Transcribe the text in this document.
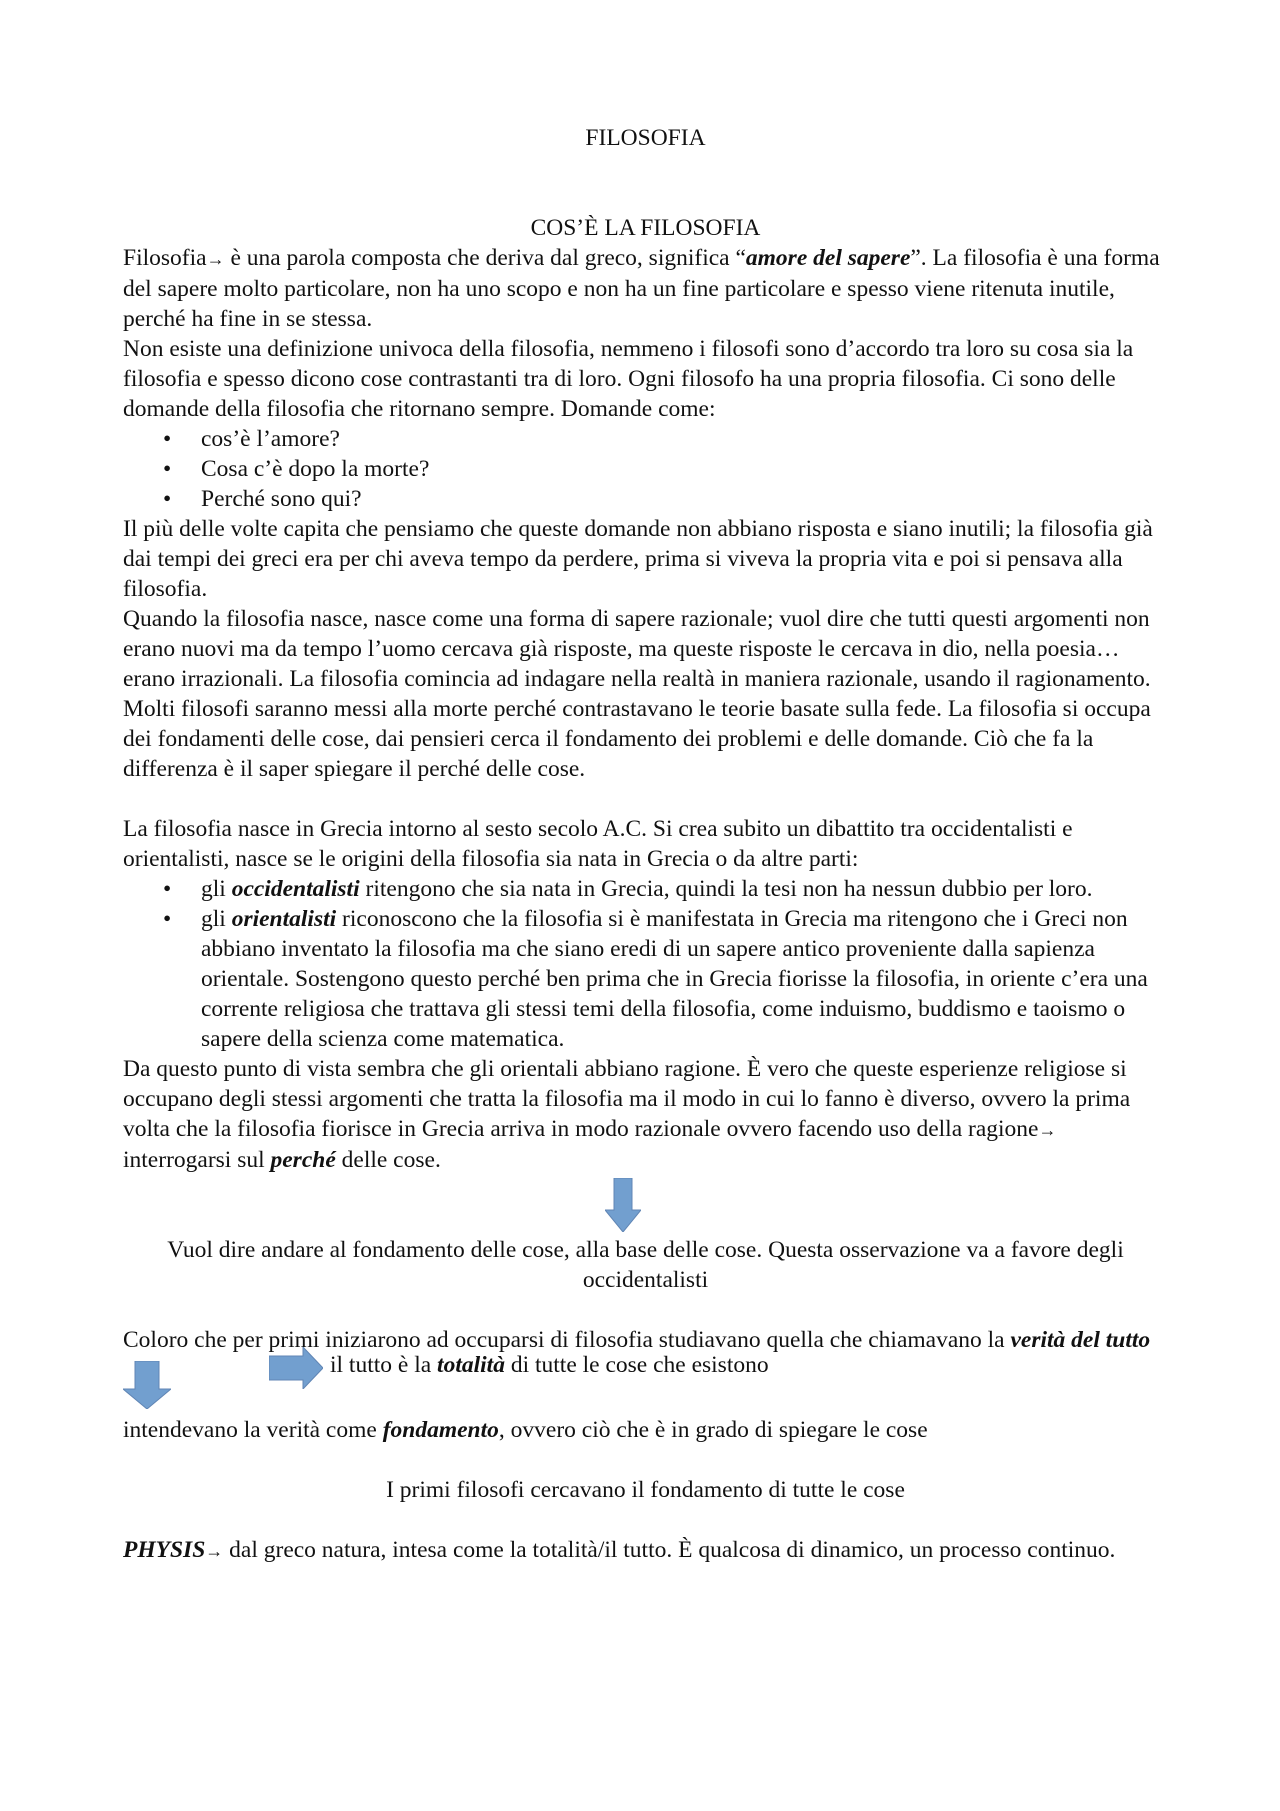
FILOSOFIA

COS’È LA FILOSOFIA

Filosofia→ è una parola composta che deriva dal greco, significa “amore del sapere”. La filosofia è una forma del sapere molto particolare, non ha uno scopo e non ha un fine particolare e spesso viene ritenuta inutile, perché ha fine in se stessa.

Non esiste una definizione univoca della filosofia, nemmeno i filosofi sono d’accordo tra loro su cosa sia la filosofia e spesso dicono cose contrastanti tra di loro. Ogni filosofo ha una propria filosofia. Ci sono delle domande della filosofia che ritornano sempre. Domande come:

• cos’è l’amore?
• Cosa c’è dopo la morte?
• Perché sono qui?

Il più delle volte capita che pensiamo che queste domande non abbiano risposta e siano inutili; la filosofia già dai tempi dei greci era per chi aveva tempo da perdere, prima si viveva la propria vita e poi si pensava alla filosofia.

Quando la filosofia nasce, nasce come una forma di sapere razionale; vuol dire che tutti questi argomenti non erano nuovi ma da tempo l’uomo cercava già risposte, ma queste risposte le cercava in dio, nella poesia… erano irrazionali. La filosofia comincia ad indagare nella realtà in maniera razionale, usando il ragionamento.

Molti filosofi saranno messi alla morte perché contrastavano le teorie basate sulla fede. La filosofia si occupa dei fondamenti delle cose, dai pensieri cerca il fondamento dei problemi e delle domande. Ciò che fa la differenza è il saper spiegare il perché delle cose.

La filosofia nasce in Grecia intorno al sesto secolo A.C. Si crea subito un dibattito tra occidentalisti e orientalisti, nasce se le origini della filosofia sia nata in Grecia o da altre parti:

• gli occidentalisti ritengono che sia nata in Grecia, quindi la tesi non ha nessun dubbio per loro.
• gli orientalisti riconoscono che la filosofia si è manifestata in Grecia ma ritengono che i Greci non abbiano inventato la filosofia ma che siano eredi di un sapere antico proveniente dalla sapienza orientale. Sostengono questo perché ben prima che in Grecia fiorisse la filosofia, in oriente c’era una corrente religiosa che trattava gli stessi temi della filosofia, come induismo, buddismo e taoismo o sapere della scienza come matematica.

Da questo punto di vista sembra che gli orientali abbiano ragione. È vero che queste esperienze religiose si occupano degli stessi argomenti che tratta la filosofia ma il modo in cui lo fanno è diverso, ovvero la prima volta che la filosofia fiorisce in Grecia arriva in modo razionale ovvero facendo uso della ragione→ interrogarsi sul perché delle cose.

Vuol dire andare al fondamento delle cose, alla base delle cose. Questa osservazione va a favore degli occidentalisti

Coloro che per primi iniziarono ad occuparsi di filosofia studiavano quella che chiamavano la verità del tutto

il tutto è la totalità di tutte le cose che esistono

intendevano la verità come fondamento, ovvero ciò che è in grado di spiegare le cose

I primi filosofi cercavano il fondamento di tutte le cose

PHYSIS→ dal greco natura, intesa come la totalità/il tutto. È qualcosa di dinamico, un processo continuo.
